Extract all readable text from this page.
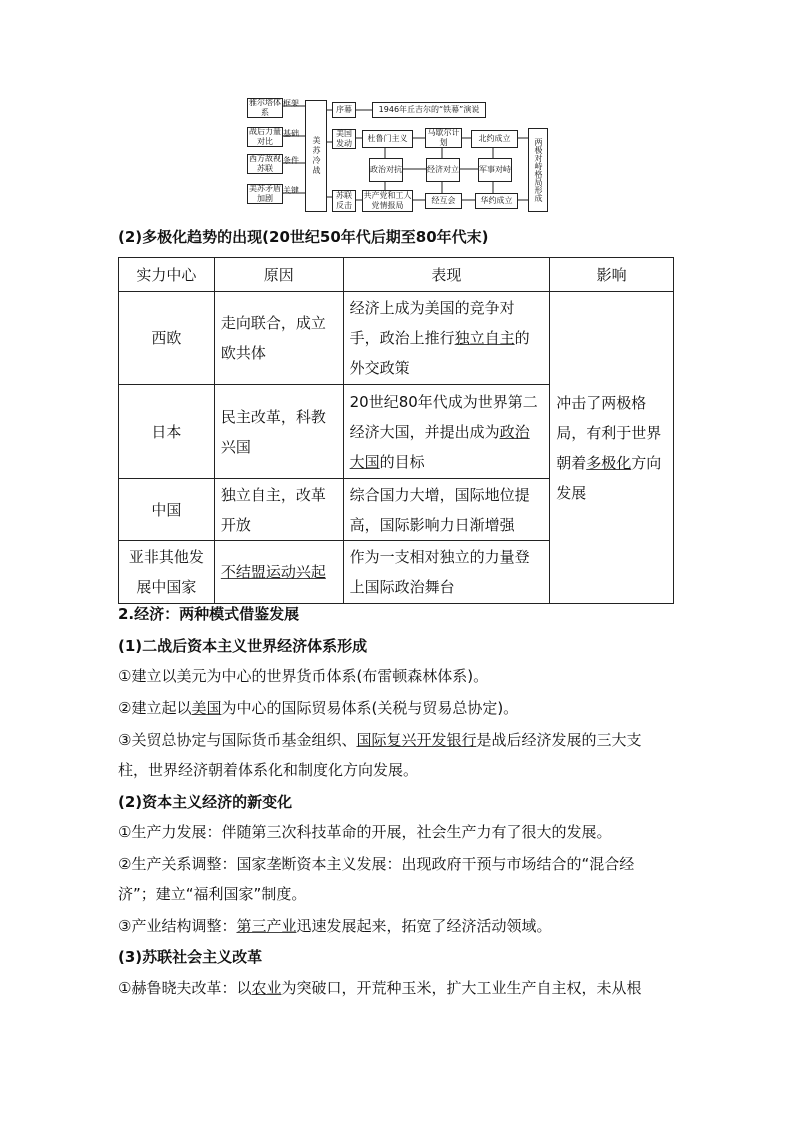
雅尔塔体系
框架
战后力量对比
基础
西方敌视苏联
条件
美苏矛盾加剧
关键
美苏冷战
序幕	1946年丘吉尔的“铁幕”演说
美国发动
杜鲁门主义
马歇尔计划	北约成立
政治对抗	经济对立	军事对峙
苏联反击
共产党和工人党情报局
经互会	华约成立	两极对峙格局形成
(2)多极化趋势的出现(20世纪50年代后期至80年代末)
实力中心	原因	表现	影响
西欧	走向联合，成立欧共体	经济上成为美国的竞争对手，政治上推行独立自主的外交政策	冲击了两极格局，有利于世界朝着多极化方向发展
日本	民主改革，科教兴国	20世纪80年代成为世界第二经济大国，并提出成为政治大国的目标	
中国	独立自主，改革开放	综合国力大增，国际地位提高，国际影响力日渐增强	
亚非其他发展中国家	不结盟运动兴起	作为一支相对独立的力量登上国际政治舞台	
2.经济：两种模式借鉴发展
(1)二战后资本主义世界经济体系形成
①建立以美元为中心的世界货币体系(布雷顿森林体系)。
②建立起以美国为中心的国际贸易体系(关税与贸易总协定)。
③关贸总协定与国际货币基金组织、国际复兴开发银行是战后经济发展的三大支
柱，世界经济朝着体系化和制度化方向发展。
(2)资本主义经济的新变化
①生产力发展：伴随第三次科技革命的开展，社会生产力有了很大的发展。
②生产关系调整：国家垄断资本主义发展：出现政府干预与市场结合的“混合经
济”；建立“福利国家”制度。
③产业结构调整：第三产业迅速发展起来，拓宽了经济活动领域。
(3)苏联社会主义改革
①赫鲁晓夫改革：以农业为突破口，开荒种玉米，扩大工业生产自主权，未从根
